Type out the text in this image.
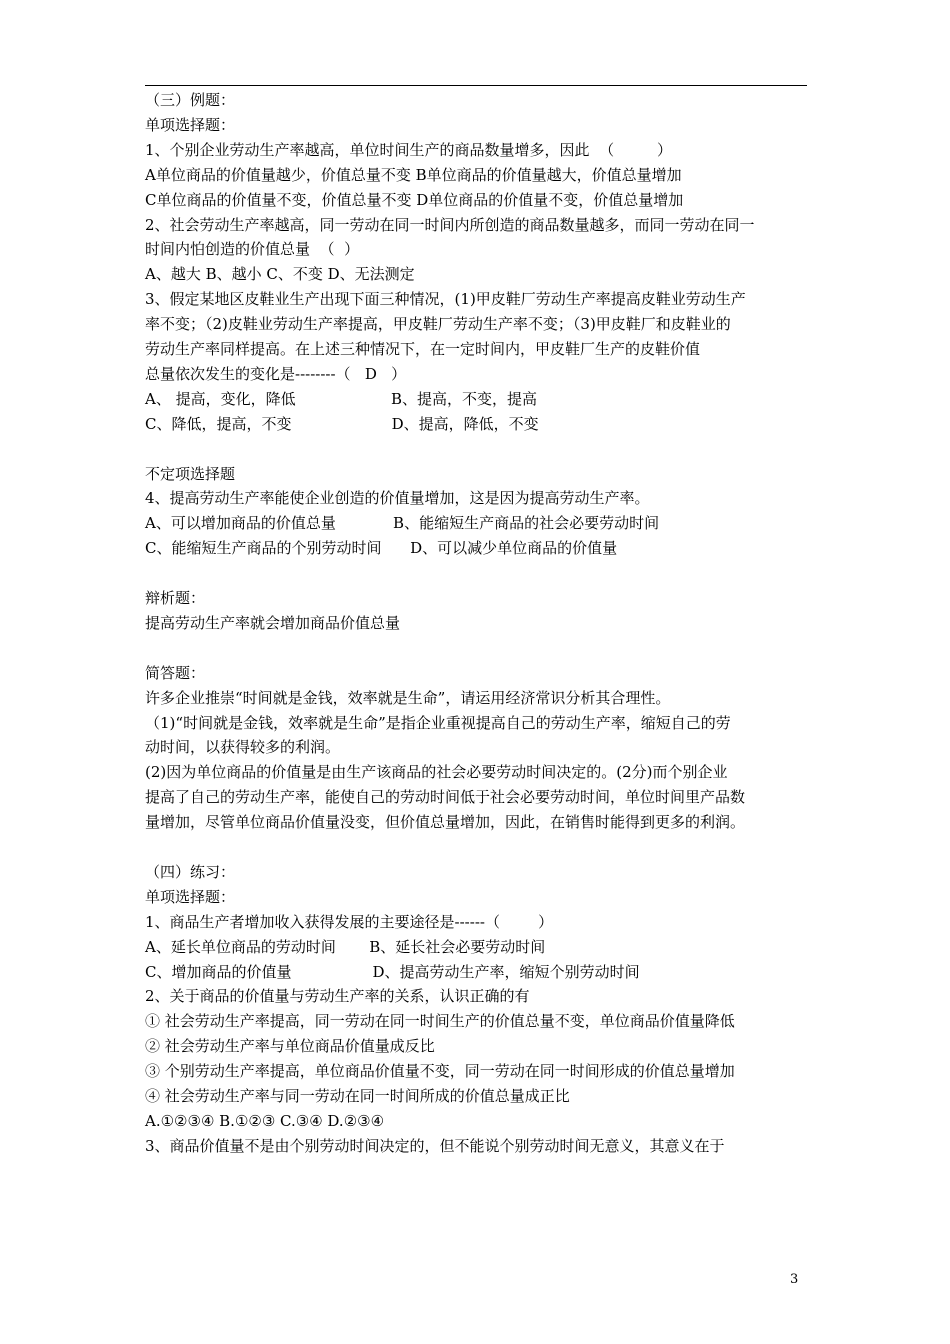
（三）例题：
单项选择题：
1、个别企业劳动生产率越高，单位时间生产的商品数量增多，因此  （         ）
A单位商品的价值量越少，价值总量不变 B单位商品的价值量越大，价值总量增加
C单位商品的价值量不变，价值总量不变 D单位商品的价值量不变，价值总量增加
2、社会劳动生产率越高，同一劳动在同一时间内所创造的商品数量越多，而同一劳动在同一
时间内怕创造的价值总量  （  ）
A、越大 B、越小 C、不变 D、无法测定
3、假定某地区皮鞋业生产出现下面三种情况，(1)甲皮鞋厂劳动生产率提高皮鞋业劳动生产
率不变；（2)皮鞋业劳动生产率提高，甲皮鞋厂劳动生产率不变；（3)甲皮鞋厂和皮鞋业的
劳动生产率同样提高。在上述三种情况下，在一定时间内，甲皮鞋厂生产的皮鞋价值
总量依次发生的变化是--------（   D   ）
A、 提高，变化，降低                    B、提高，不变，提高
C、降低，提高，不变                     D、提高，降低，不变
不定项选择题
4、提高劳动生产率能使企业创造的价值量增加，这是因为提高劳动生产率。
A、可以增加商品的价值总量            B、能缩短生产商品的社会必要劳动时间
C、能缩短生产商品的个别劳动时间      D、可以减少单位商品的价值量
辩析题：
提高劳动生产率就会增加商品价值总量
简答题：
许多企业推崇“时间就是金钱，效率就是生命”，请运用经济常识分析其合理性。
（1)“时间就是金钱，效率就是生命”是指企业重视提高自己的劳动生产率，缩短自己的劳
动时间，以获得较多的利润。
(2)因为单位商品的价值量是由生产该商品的社会必要劳动时间决定的。(2分)而个别企业
提高了自己的劳动生产率，能使自己的劳动时间低于社会必要劳动时间，单位时间里产品数
量增加，尽管单位商品价值量没变，但价值总量增加，因此，在销售时能得到更多的利润。
（四）练习：
单项选择题：
1、商品生产者增加收入获得发展的主要途径是------（        ）
A、延长单位商品的劳动时间       B、延长社会必要劳动时间
C、增加商品的价值量                 D、提高劳动生产率，缩短个别劳动时间
2、关于商品的价值量与劳动生产率的关系，认识正确的有
① 社会劳动生产率提高，同一劳动在同一时间生产的价值总量不变，单位商品价值量降低
② 社会劳动生产率与单位商品价值量成反比
③ 个别劳动生产率提高，单位商品价值量不变，同一劳动在同一时间形成的价值总量增加
④ 社会劳动生产率与同一劳动在同一时间所成的价值总量成正比
A.①②③④ B.①②③ C.③④ D.②③④
3、商品价值量不是由个别劳动时间决定的，但不能说个别劳动时间无意义，其意义在于
3
